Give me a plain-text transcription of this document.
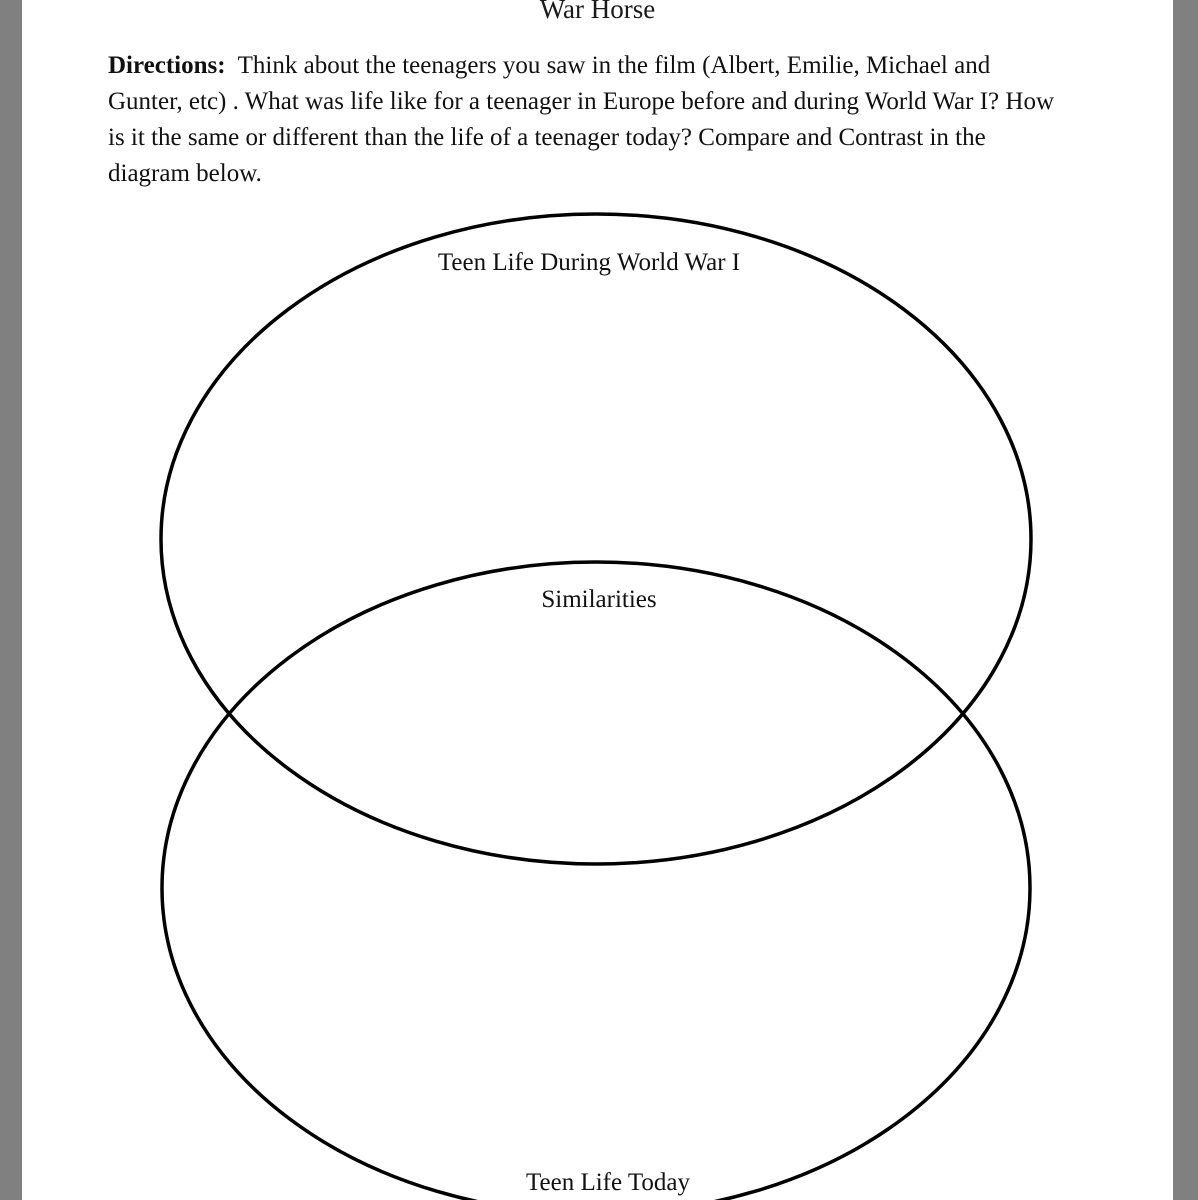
War Horse

Directions: Think about the teenagers you saw in the film (Albert, Emilie, Michael and Gunter, etc) . What was life like for a teenager in Europe before and during World War I? How is it the same or different than the life of a teenager today? Compare and Contrast in the diagram below.

Teen Life During World War I
Similarities
Teen Life Today
